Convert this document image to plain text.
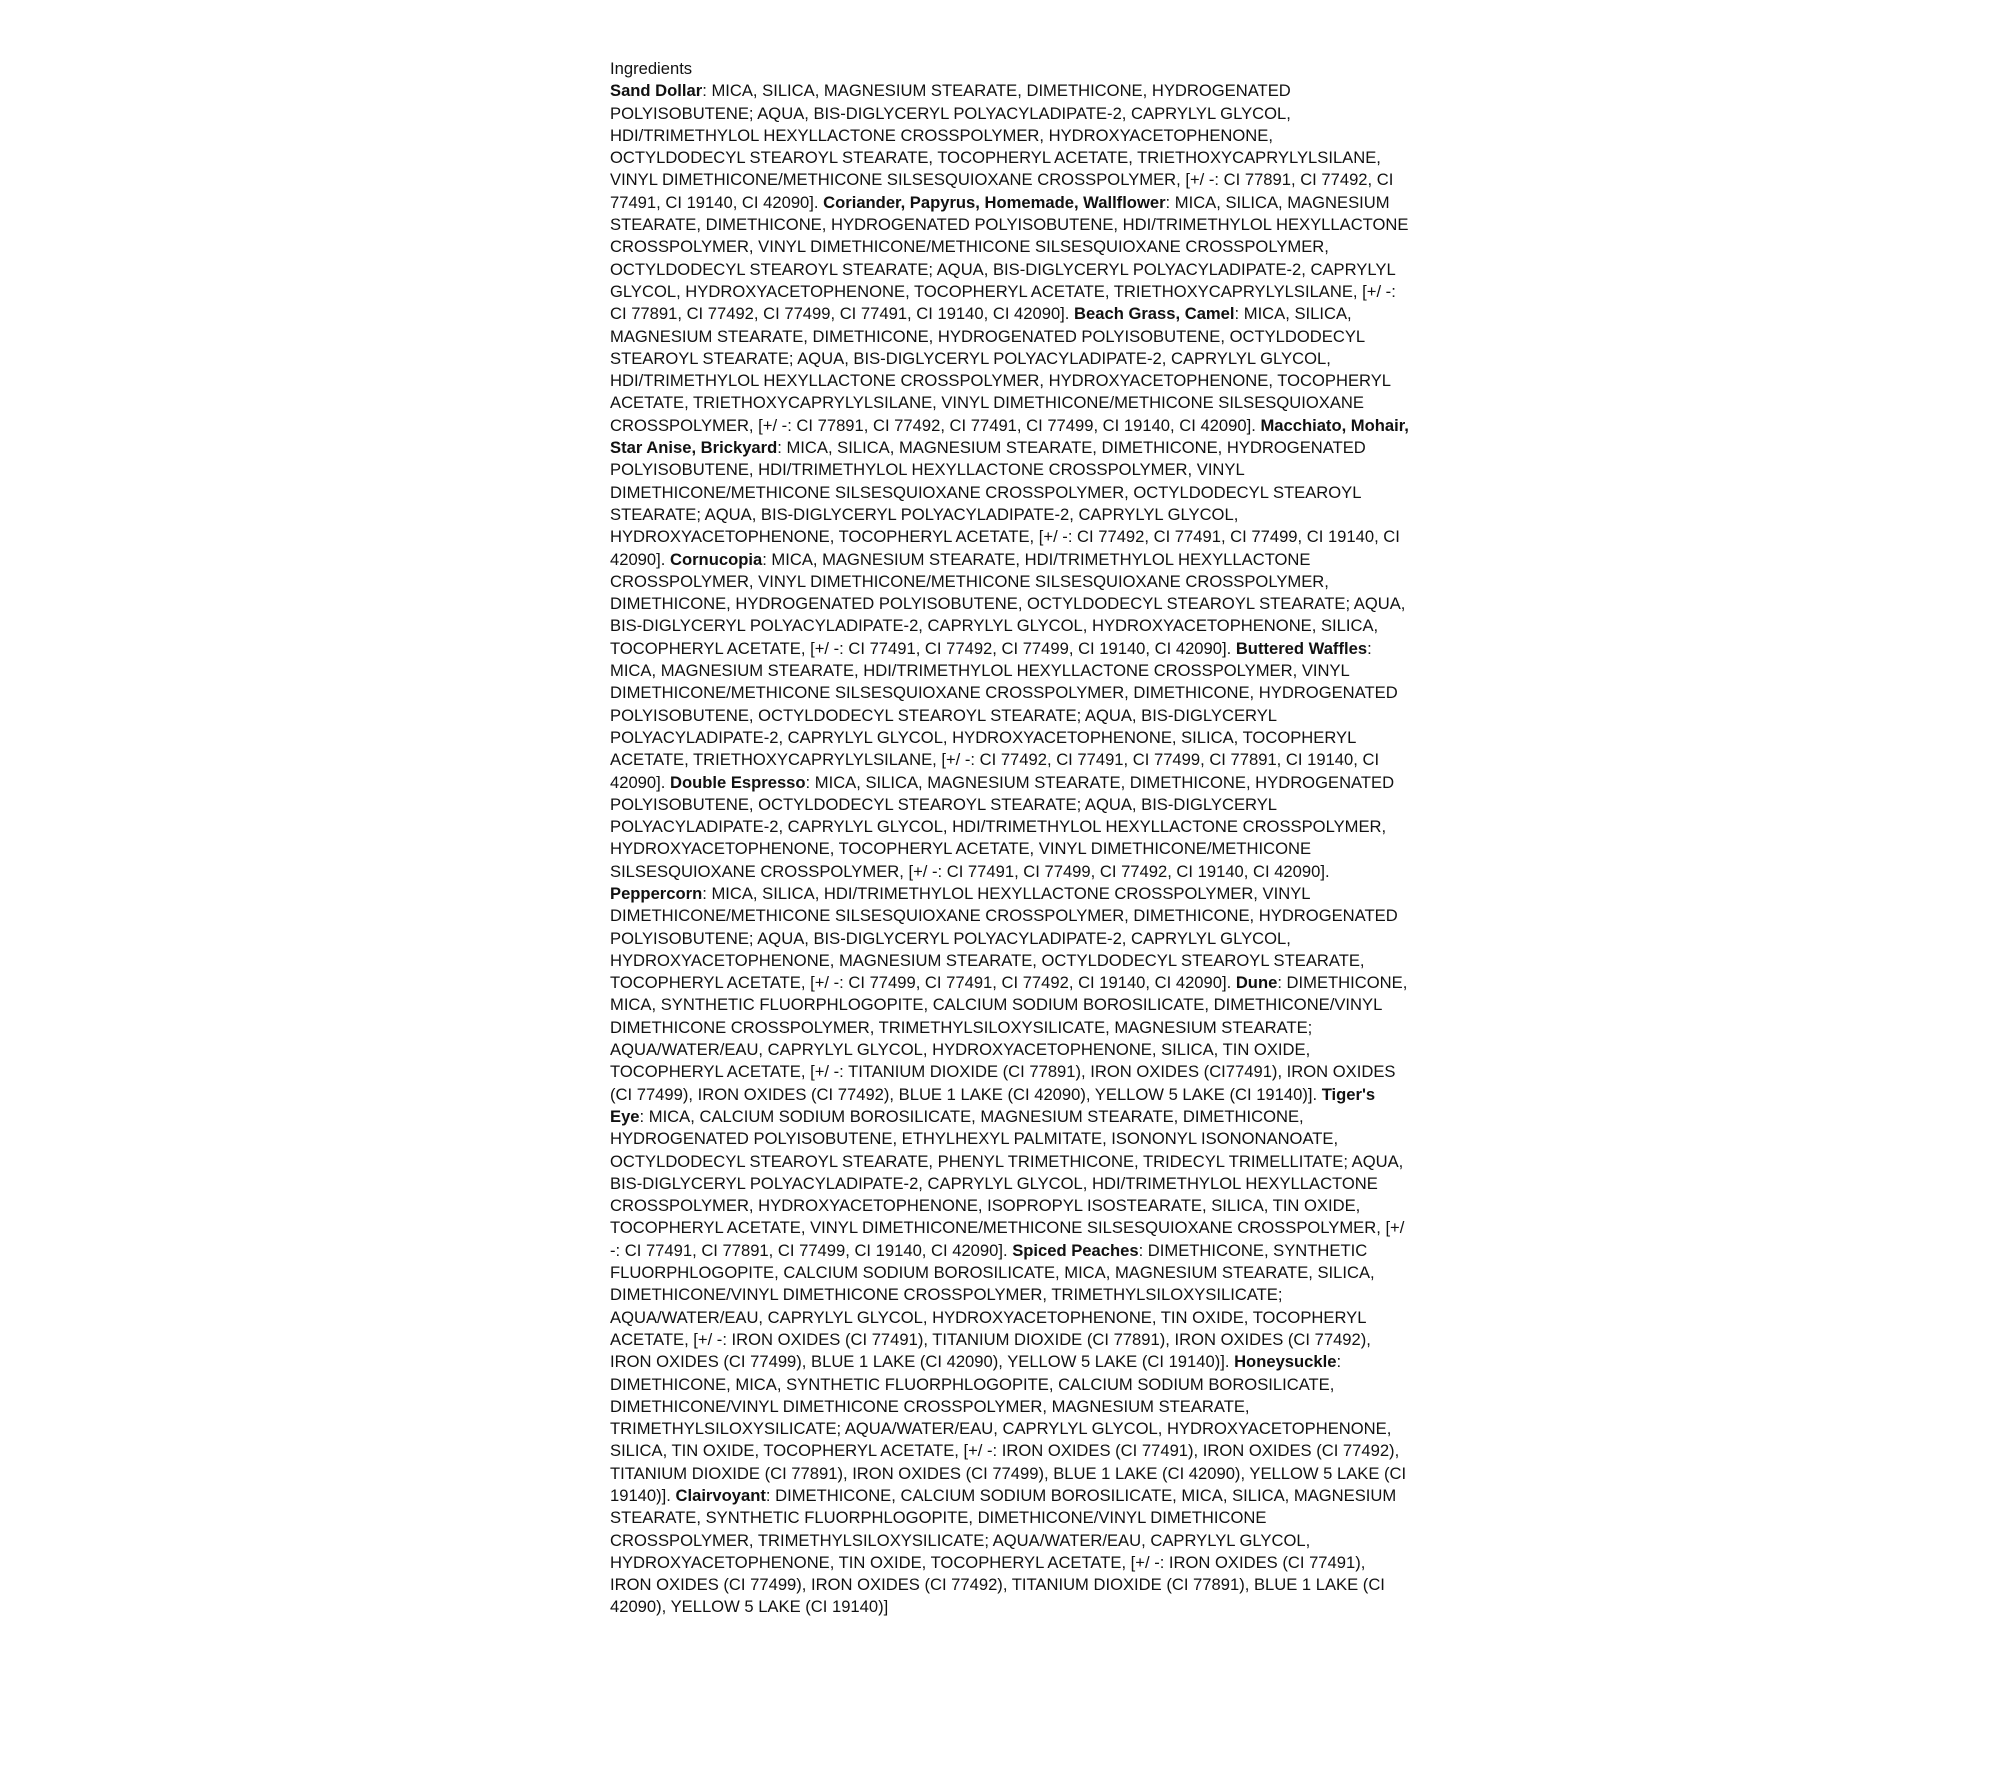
Ingredients

Sand Dollar: MICA, SILICA, MAGNESIUM STEARATE, DIMETHICONE, HYDROGENATED POLYISOBUTENE; AQUA, BIS-DIGLYCERYL POLYACYLADIPATE-2, CAPRYLYL GLYCOL, HDI/TRIMETHYLOL HEXYLLACTONE CROSSPOLYMER, HYDROXYACETOPHENONE, OCTYLDODECYL STEAROYL STEARATE, TOCOPHERYL ACETATE, TRIETHOXYCAPRYLYLSILANE, VINYL DIMETHICONE/METHICONE SILSESQUIOXANE CROSSPOLYMER, [+/ -: CI 77891, CI 77492, CI 77491, CI 19140, CI 42090]. Coriander, Papyrus, Homemade, Wallflower: MICA, SILICA, MAGNESIUM STEARATE, DIMETHICONE, HYDROGENATED POLYISOBUTENE, HDI/TRIMETHYLOL HEXYLLACTONE CROSSPOLYMER, VINYL DIMETHICONE/METHICONE SILSESQUIOXANE CROSSPOLYMER, OCTYLDODECYL STEAROYL STEARATE; AQUA, BIS-DIGLYCERYL POLYACYLADIPATE-2, CAPRYLYL GLYCOL, HYDROXYACETOPHENONE, TOCOPHERYL ACETATE, TRIETHOXYCAPRYLYLSILANE, [+/ -: CI 77891, CI 77492, CI 77499, CI 77491, CI 19140, CI 42090]. Beach Grass, Camel: MICA, SILICA, MAGNESIUM STEARATE, DIMETHICONE, HYDROGENATED POLYISOBUTENE, OCTYLDODECYL STEAROYL STEARATE; AQUA, BIS-DIGLYCERYL POLYACYLADIPATE-2, CAPRYLYL GLYCOL, HDI/TRIMETHYLOL HEXYLLACTONE CROSSPOLYMER, HYDROXYACETOPHENONE, TOCOPHERYL ACETATE, TRIETHOXYCAPRYLYLSILANE, VINYL DIMETHICONE/METHICONE SILSESQUIOXANE CROSSPOLYMER, [+/ -: CI 77891, CI 77492, CI 77491, CI 77499, CI 19140, CI 42090]. Macchiato, Mohair, Star Anise, Brickyard: MICA, SILICA, MAGNESIUM STEARATE, DIMETHICONE, HYDROGENATED POLYISOBUTENE, HDI/TRIMETHYLOL HEXYLLACTONE CROSSPOLYMER, VINYL DIMETHICONE/METHICONE SILSESQUIOXANE CROSSPOLYMER, OCTYLDODECYL STEAROYL STEARATE; AQUA, BIS-DIGLYCERYL POLYACYLADIPATE-2, CAPRYLYL GLYCOL, HYDROXYACETOPHENONE, TOCOPHERYL ACETATE, [+/ -: CI 77492, CI 77491, CI 77499, CI 19140, CI 42090]. Cornucopia: MICA, MAGNESIUM STEARATE, HDI/TRIMETHYLOL HEXYLLACTONE CROSSPOLYMER, VINYL DIMETHICONE/METHICONE SILSESQUIOXANE CROSSPOLYMER, DIMETHICONE, HYDROGENATED POLYISOBUTENE, OCTYLDODECYL STEAROYL STEARATE; AQUA, BIS-DIGLYCERYL POLYACYLADIPATE-2, CAPRYLYL GLYCOL, HYDROXYACETOPHENONE, SILICA, TOCOPHERYL ACETATE, [+/ -: CI 77491, CI 77492, CI 77499, CI 19140, CI 42090]. Buttered Waffles: MICA, MAGNESIUM STEARATE, HDI/TRIMETHYLOL HEXYLLACTONE CROSSPOLYMER, VINYL DIMETHICONE/METHICONE SILSESQUIOXANE CROSSPOLYMER, DIMETHICONE, HYDROGENATED POLYISOBUTENE, OCTYLDODECYL STEAROYL STEARATE; AQUA, BIS-DIGLYCERYL POLYACYLADIPATE-2, CAPRYLYL GLYCOL, HYDROXYACETOPHENONE, SILICA, TOCOPHERYL ACETATE, TRIETHOXYCAPRYLYLSILANE, [+/ -: CI 77492, CI 77491, CI 77499, CI 77891, CI 19140, CI 42090]. Double Espresso: MICA, SILICA, MAGNESIUM STEARATE, DIMETHICONE, HYDROGENATED POLYISOBUTENE, OCTYLDODECYL STEAROYL STEARATE; AQUA, BIS-DIGLYCERYL POLYACYLADIPATE-2, CAPRYLYL GLYCOL, HDI/TRIMETHYLOL HEXYLLACTONE CROSSPOLYMER, HYDROXYACETOPHENONE, TOCOPHERYL ACETATE, VINYL DIMETHICONE/METHICONE SILSESQUIOXANE CROSSPOLYMER, [+/ -: CI 77491, CI 77499, CI 77492, CI 19140, CI 42090]. Peppercorn: MICA, SILICA, HDI/TRIMETHYLOL HEXYLLACTONE CROSSPOLYMER, VINYL DIMETHICONE/METHICONE SILSESQUIOXANE CROSSPOLYMER, DIMETHICONE, HYDROGENATED POLYISOBUTENE; AQUA, BIS-DIGLYCERYL POLYACYLADIPATE-2, CAPRYLYL GLYCOL, HYDROXYACETOPHENONE, MAGNESIUM STEARATE, OCTYLDODECYL STEAROYL STEARATE, TOCOPHERYL ACETATE, [+/ -: CI 77499, CI 77491, CI 77492, CI 19140, CI 42090]. Dune: DIMETHICONE, MICA, SYNTHETIC FLUORPHLOGOPITE, CALCIUM SODIUM BOROSILICATE, DIMETHICONE/VINYL DIMETHICONE CROSSPOLYMER, TRIMETHYLSILOXYSILICATE, MAGNESIUM STEARATE; AQUA/WATER/EAU, CAPRYLYL GLYCOL, HYDROXYACETOPHENONE, SILICA, TIN OXIDE, TOCOPHERYL ACETATE, [+/ -: TITANIUM DIOXIDE (CI 77891), IRON OXIDES (CI77491), IRON OXIDES (CI 77499), IRON OXIDES (CI 77492), BLUE 1 LAKE (CI 42090), YELLOW 5 LAKE (CI 19140)]. Tiger's Eye: MICA, CALCIUM SODIUM BOROSILICATE, MAGNESIUM STEARATE, DIMETHICONE, HYDROGENATED POLYISOBUTENE, ETHYLHEXYL PALMITATE, ISONONYL ISONONANOATE, OCTYLDODECYL STEAROYL STEARATE, PHENYL TRIMETHICONE, TRIDECYL TRIMELLITATE; AQUA, BIS-DIGLYCERYL POLYACYLADIPATE-2, CAPRYLYL GLYCOL, HDI/TRIMETHYLOL HEXYLLACTONE CROSSPOLYMER, HYDROXYACETOPHENONE, ISOPROPYL ISOSTEARATE, SILICA, TIN OXIDE, TOCOPHERYL ACETATE, VINYL DIMETHICONE/METHICONE SILSESQUIOXANE CROSSPOLYMER, [+/ -: CI 77491, CI 77891, CI 77499, CI 19140, CI 42090]. Spiced Peaches: DIMETHICONE, SYNTHETIC FLUORPHLOGOPITE, CALCIUM SODIUM BOROSILICATE, MICA, MAGNESIUM STEARATE, SILICA, DIMETHICONE/VINYL DIMETHICONE CROSSPOLYMER, TRIMETHYLSILOXYSILICATE; AQUA/WATER/EAU, CAPRYLYL GLYCOL, HYDROXYACETOPHENONE, TIN OXIDE, TOCOPHERYL ACETATE, [+/ -: IRON OXIDES (CI 77491), TITANIUM DIOXIDE (CI 77891), IRON OXIDES (CI 77492), IRON OXIDES (CI 77499), BLUE 1 LAKE (CI 42090), YELLOW 5 LAKE (CI 19140)]. Honeysuckle: DIMETHICONE, MICA, SYNTHETIC FLUORPHLOGOPITE, CALCIUM SODIUM BOROSILICATE, DIMETHICONE/VINYL DIMETHICONE CROSSPOLYMER, MAGNESIUM STEARATE, TRIMETHYLSILOXYSILICATE; AQUA/WATER/EAU, CAPRYLYL GLYCOL, HYDROXYACETOPHENONE, SILICA, TIN OXIDE, TOCOPHERYL ACETATE, [+/ -: IRON OXIDES (CI 77491), IRON OXIDES (CI 77492), TITANIUM DIOXIDE (CI 77891), IRON OXIDES (CI 77499), BLUE 1 LAKE (CI 42090), YELLOW 5 LAKE (CI 19140)]. Clairvoyant: DIMETHICONE, CALCIUM SODIUM BOROSILICATE, MICA, SILICA, MAGNESIUM STEARATE, SYNTHETIC FLUORPHLOGOPITE, DIMETHICONE/VINYL DIMETHICONE CROSSPOLYMER, TRIMETHYLSILOXYSILICATE; AQUA/WATER/EAU, CAPRYLYL GLYCOL, HYDROXYACETOPHENONE, TIN OXIDE, TOCOPHERYL ACETATE, [+/ -: IRON OXIDES (CI 77491), IRON OXIDES (CI 77499), IRON OXIDES (CI 77492), TITANIUM DIOXIDE (CI 77891), BLUE 1 LAKE (CI 42090), YELLOW 5 LAKE (CI 19140)]
